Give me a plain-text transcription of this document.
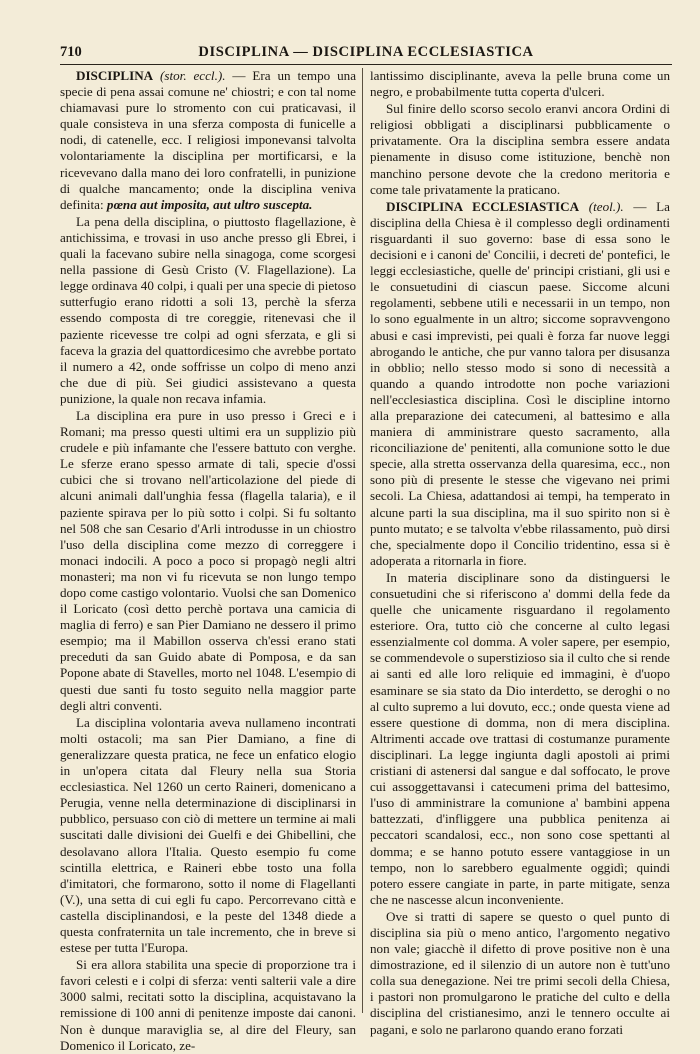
710	DISCIPLINA — DISCIPLINA ECCLESIASTICA

DISCIPLINA (stor. eccl.). — Era un tempo una specie di pena assai comune ne' chiostri; e con tal nome chiamavasi pure lo stromento con cui praticavasi, il quale consisteva in una sferza composta di funicelle a nodi, di catenelle, ecc. I religiosi imponevansi talvolta volontariamente la disciplina per mortificarsi, e la ricevevano dalla mano dei loro confratelli, in punizione di qualche mancamento; onde la disciplina veniva definita: pœna aut imposita, aut ultro suscepta.

La pena della disciplina, o piuttosto flagellazione, è antichissima, e trovasi in uso anche presso gli Ebrei, i quali la facevano subire nella sinagoga, come scorgesi nella passione di Gesù Cristo (V. Flagellazione). La legge ordinava 40 colpi, i quali per una specie di pietoso sutterfugio erano ridotti a soli 13, perchè la sferza essendo composta di tre coreggie, ritenevasi che il paziente ricevesse tre colpi ad ogni sferzata, e gli si faceva la grazia del quattordicesimo che avrebbe portato il numero a 42, onde soffrisse un colpo di meno anzi che due di più. Sei giudici assistevano a questa punizione, la quale non recava infamia.

La disciplina era pure in uso presso i Greci e i Romani; ma presso questi ultimi era un supplizio più crudele e più infamante che l'essere battuto con verghe. Le sferze erano spesso armate di tali, specie d'ossi cubici che si trovano nell'articolazione del piede di alcuni animali dall'unghia fessa (flagella talaria), e il paziente spirava per lo più sotto i colpi. Si fu soltanto nel 508 che san Cesario d'Arli introdusse in un chiostro l'uso della disciplina come mezzo di correggere i monaci indocili. A poco a poco si propagò negli altri monasteri; ma non vi fu ricevuta se non lungo tempo dopo come castigo volontario. Vuolsi che san Domenico il Loricato (così detto perchè portava una camicia di maglia di ferro) e san Pier Damiano ne dessero il primo esempio; ma il Mabillon osserva ch'essi erano stati preceduti da san Guido abate di Pomposa, e da san Popone abate di Stavelles, morto nel 1048. L'esempio di questi due santi fu tosto seguito nella maggior parte degli altri conventi.

La disciplina volontaria aveva nullameno incontrati molti ostacoli; ma san Pier Damiano, a fine di generalizzare questa pratica, ne fece un enfatico elogio in un'opera citata dal Fleury nella sua Storia ecclesiastica. Nel 1260 un certo Raineri, domenicano a Perugia, venne nella determinazione di disciplinarsi in pubblico, persuaso con ciò di mettere un termine ai mali suscitati dalle divisioni dei Guelfi e dei Ghibellini, che desolavano allora l'Italia. Questo esempio fu come scintilla elettrica, e Raineri ebbe tosto una folla d'imitatori, che formarono, sotto il nome di Flagellanti (V.), una setta di cui egli fu capo. Percorrevano città e castella disciplinandosi, e la peste del 1348 diede a questa confraternita un tale incremento, che in breve si estese per tutta l'Europa.

Si era allora stabilita una specie di proporzione tra i favori celesti e i colpi di sferza: venti salterii vale a dire 3000 salmi, recitati sotto la disciplina, acquistavano la remissione di 100 anni di penitenze imposte dai canoni. Non è dunque maraviglia se, al dire del Fleury, san Domenico il Loricato, ze-

lantissimo disciplinante, aveva la pelle bruna come un negro, e probabilmente tutta coperta d'ulceri.

Sul finire dello scorso secolo eranvi ancora Ordini di religiosi obbligati a disciplinarsi pubblicamente o privatamente. Ora la disciplina sembra essere andata pienamente in disuso come istituzione, benchè non manchino persone devote che la credono meritoria e come tale privatamente la praticano.

DISCIPLINA ECCLESIASTICA (teol.). — La disciplina della Chiesa è il complesso degli ordinamenti risguardanti il suo governo: base di essa sono le decisioni e i canoni de' Concilii, i decreti de' pontefici, le leggi ecclesiastiche, quelle de' principi cristiani, gli usi e le consuetudini di ciascun paese. Siccome alcuni regolamenti, sebbene utili e necessarii in un tempo, non lo sono egualmente in un altro; siccome sopravvengono abusi e casi imprevisti, pei quali è forza far nuove leggi abrogando le antiche, che pur vanno talora per disusanza in obblio; nello stesso modo si sono di necessità a quando a quando introdotte non poche variazioni nell'ecclesiastica disciplina. Così le discipline intorno alla preparazione dei catecumeni, al battesimo e alla maniera di amministrare questo sacramento, alla riconciliazione de' penitenti, alla comunione sotto le due specie, alla stretta osservanza della quaresima, ecc., non sono più di presente le stesse che vigevano nei primi secoli. La Chiesa, adattandosi ai tempi, ha temperato in alcune parti la sua disciplina, ma il suo spirito non si è punto mutato; e se talvolta v'ebbe rilassamento, può dirsi che, specialmente dopo il Concilio tridentino, essa si è adoperata a ritornarla in fiore.

In materia disciplinare sono da distinguersi le consuetudini che si riferiscono a' dommi della fede da quelle che unicamente risguardano il regolamento esteriore. Ora, tutto ciò che concerne al culto legasi essenzialmente col domma. A voler sapere, per esempio, se commendevole o superstizioso sia il culto che si rende ai santi ed alle loro reliquie ed immagini, è d'uopo esaminare se sia stato da Dio interdetto, se deroghi o no al culto supremo a lui dovuto, ecc.; onde questa viene ad essere questione di domma, non di mera disciplina. Altrimenti accade ove trattasi di costumanze puramente disciplinari. La legge ingiunta dagli apostoli ai primi cristiani di astenersi dal sangue e dal soffocato, le prove cui assoggettavansi i catecumeni prima del battesimo, l'uso di amministrare la comunione a' bambini appena battezzati, d'infliggere una pubblica penitenza ai peccatori scandalosi, ecc., non sono cose spettanti al domma; e se hanno potuto essere vantaggiose in un tempo, non lo sarebbero egualmente oggidì; quindi potero essere cangiate in parte, in parte mitigate, senza che ne nascesse alcun inconveniente.

Ove si tratti di sapere se questo o quel punto di disciplina sia più o meno antico, l'argomento negativo non vale; giacchè il difetto di prove positive non è una dimostrazione, ed il silenzio di un autore non è tutt'uno colla sua denegazione. Nei tre primi secoli della Chiesa, i pastori non promulgarono le pratiche del culto e della disciplina del cristianesimo, anzi le tennero occulte ai pagani, e solo ne parlarono quando erano forzati
